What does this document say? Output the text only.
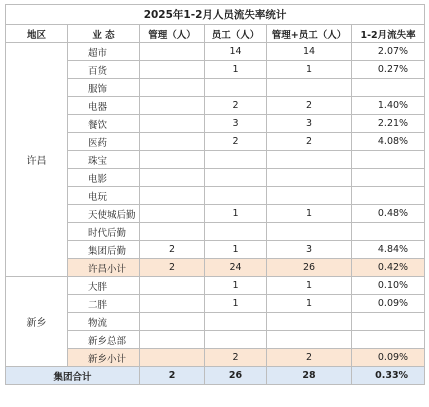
2025年1-2月人员流失率统计					
地区	业 态	管理（人）	员工（人）	管理+员工（人）	1-2月流失率
许昌	超市		14	14	2.07%
	百货		1	1	0.27%
	服饰				
	电器		2	2	1.40%
	餐饮		3	3	2.21%
	医药		2	2	4.08%
	珠宝				
	电影				
	电玩				
	天使城后勤		1	1	0.48%
	时代后勤				
	集团后勤	2	1	3	4.84%
	许昌小计	2	24	26	0.42%
新乡	大胖		1	1	0.10%
	二胖		1	1	0.09%
	物流				
	新乡总部				
	新乡小计		2	2	0.09%
集团合计		2	26	28	0.33%
